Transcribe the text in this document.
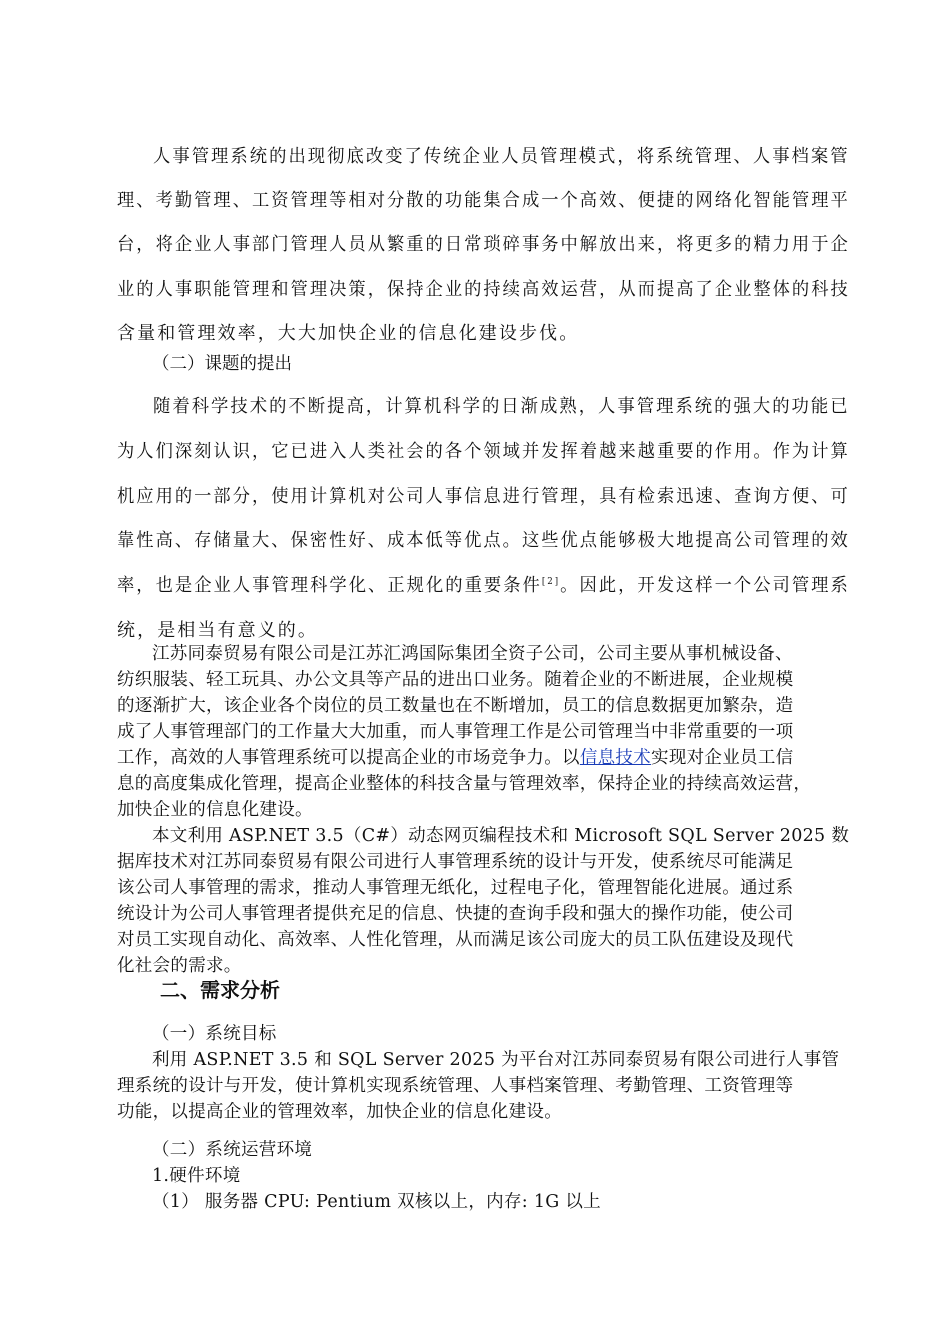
人事管理系统的出现彻底改变了传统企业人员管理模式，将系统管理、人事档案管
理、考勤管理、工资管理等相对分散的功能集合成一个高效、便捷的网络化智能管理平
台，将企业人事部门管理人员从繁重的日常琐碎事务中解放出来，将更多的精力用于企
业的人事职能管理和管理决策，保持企业的持续高效运营，从而提高了企业整体的科技
含量和管理效率，大大加快企业的信息化建设步伐。
（二）课题的提出
随着科学技术的不断提高，计算机科学的日渐成熟，人事管理系统的强大的功能已
为人们深刻认识，它已进入人类社会的各个领域并发挥着越来越重要的作用。作为计算
机应用的一部分，使用计算机对公司人事信息进行管理，具有检索迅速、查询方便、可
靠性高、存储量大、保密性好、成本低等优点。这些优点能够极大地提高公司管理的效
率，也是企业人事管理科学化、正规化的重要条件[2]。因此，开发这样一个公司管理系
统，是相当有意义的。
江苏同泰贸易有限公司是江苏汇鸿国际集团全资子公司，公司主要从事机械设备、
纺织服装、轻工玩具、办公文具等产品的进出口业务。随着企业的不断进展，企业规模
的逐渐扩大，该企业各个岗位的员工数量也在不断增加，员工的信息数据更加繁杂，造
成了人事管理部门的工作量大大加重，而人事管理工作是公司管理当中非常重要的一项
工作，高效的人事管理系统可以提高企业的市场竞争力。以信息技术实现对企业员工信
息的高度集成化管理，提高企业整体的科技含量与管理效率，保持企业的持续高效运营，
加快企业的信息化建设。
本文利用 ASP.NET 3.5（C#）动态网页编程技术和 Microsoft SQL Server 2025 数
据库技术对江苏同泰贸易有限公司进行人事管理系统的设计与开发，使系统尽可能满足
该公司人事管理的需求，推动人事管理无纸化，过程电子化，管理智能化进展。通过系
统设计为公司人事管理者提供充足的信息、快捷的查询手段和强大的操作功能，使公司
对员工实现自动化、高效率、人性化管理，从而满足该公司庞大的员工队伍建设及现代
化社会的需求。
二、需求分析
（一）系统目标
利用 ASP.NET 3.5 和 SQL Server 2025 为平台对江苏同泰贸易有限公司进行人事管
理系统的设计与开发，使计算机实现系统管理、人事档案管理、考勤管理、工资管理等
功能，以提高企业的管理效率，加快企业的信息化建设。
（二）系统运营环境
1.硬件环境
（1） 服务器 CPU: Pentium 双核以上，内存: 1G 以上
